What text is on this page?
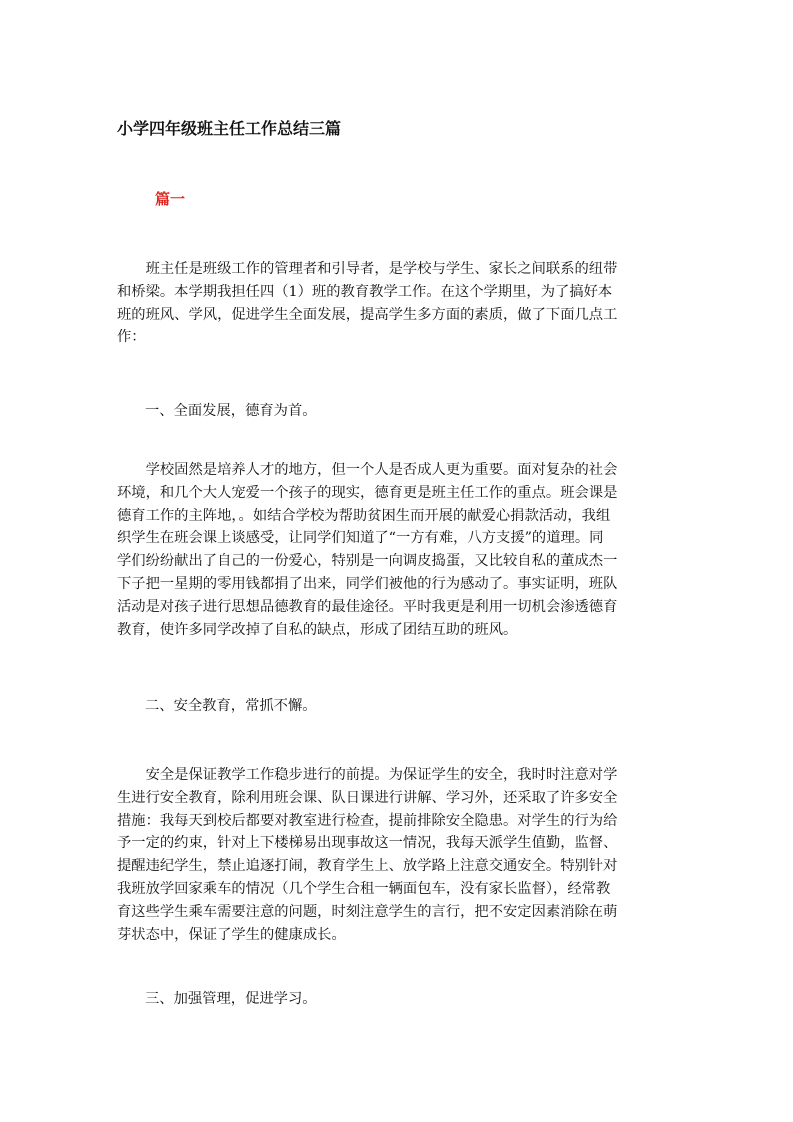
小学四年级班主任工作总结三篇
篇一
　　班主任是班级工作的管理者和引导者，是学校与学生、家长之间联系的纽带
和桥梁。本学期我担任四（1）班的教育教学工作。在这个学期里，为了搞好本
班的班风、学风，促进学生全面发展，提高学生多方面的素质，做了下面几点工
作：
一、全面发展，德育为首。
　　学校固然是培养人才的地方，但一个人是否成人更为重要。面对复杂的社会
环境，和几个大人宠爱一个孩子的现实，德育更是班主任工作的重点。班会课是
德育工作的主阵地，。如结合学校为帮助贫困生而开展的献爱心捐款活动，我组
织学生在班会课上谈感受，让同学们知道了“一方有难，八方支援”的道理。同
学们纷纷献出了自己的一份爱心，特别是一向调皮捣蛋，又比较自私的董成杰一
下子把一星期的零用钱都捐了出来，同学们被他的行为感动了。事实证明，班队
活动是对孩子进行思想品德教育的最佳途径。平时我更是利用一切机会渗透德育
教育，使许多同学改掉了自私的缺点，形成了团结互助的班风。
二、安全教育，常抓不懈。
　　安全是保证教学工作稳步进行的前提。为保证学生的安全，我时时注意对学
生进行安全教育，除利用班会课、队日课进行讲解、学习外，还采取了许多安全
措施：我每天到校后都要对教室进行检查，提前排除安全隐患。对学生的行为给
予一定的约束，针对上下楼梯易出现事故这一情况，我每天派学生值勤，监督、
提醒违纪学生，禁止追逐打闹，教育学生上、放学路上注意交通安全。特别针对
我班放学回家乘车的情况（几个学生合租一辆面包车，没有家长监督），经常教
育这些学生乘车需要注意的问题，时刻注意学生的言行，把不安定因素消除在萌
芽状态中，保证了学生的健康成长。
三、加强管理，促进学习。
